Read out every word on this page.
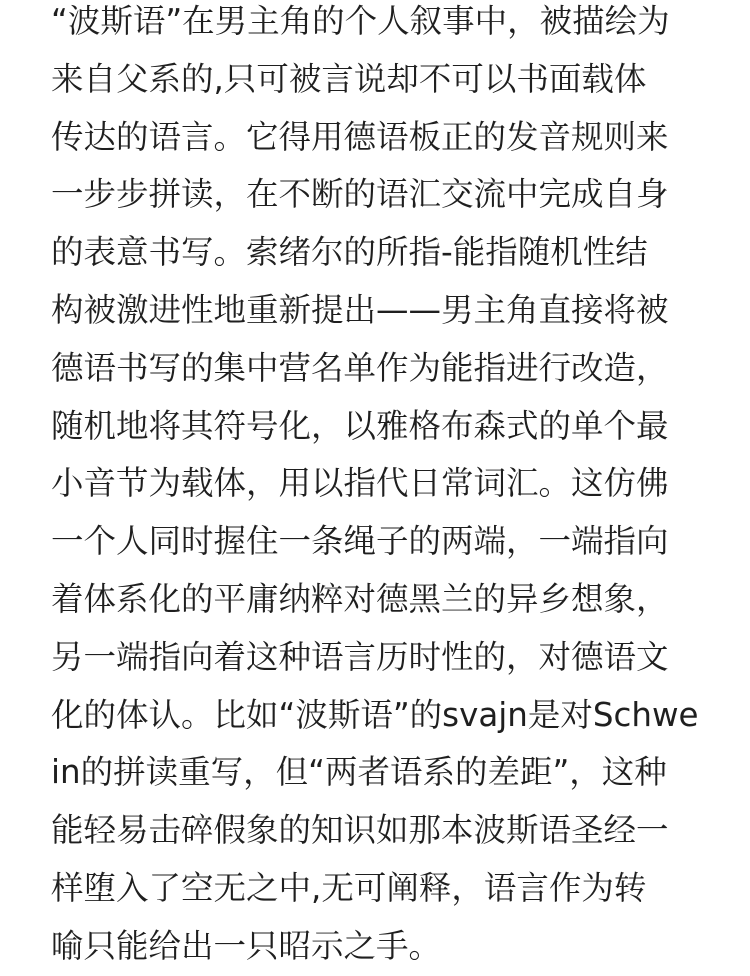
“波斯语”在男主角的个人叙事中，被描绘为
来自父系的,只可被言说却不可以书面载体
传达的语言。它得用德语板正的发音规则来
一步步拼读，在不断的语汇交流中完成自身
的表意书写。索绪尔的所指-能指随机性结
构被激进性地重新提出——男主角直接将被
德语书写的集中营名单作为能指进行改造，
随机地将其符号化，以雅格布森式的单个最
小音节为载体，用以指代日常词汇。这仿佛
一个人同时握住一条绳子的两端，一端指向
着体系化的平庸纳粹对德黑兰的异乡想象，
另一端指向着这种语言历时性的，对德语文
化的体认。比如“波斯语”的svajn是对Schwe
in的拼读重写，但“两者语系的差距”，这种
能轻易击碎假象的知识如那本波斯语圣经一
样堕入了空无之中,无可阐释，语言作为转
喻只能给出一只昭示之手。
